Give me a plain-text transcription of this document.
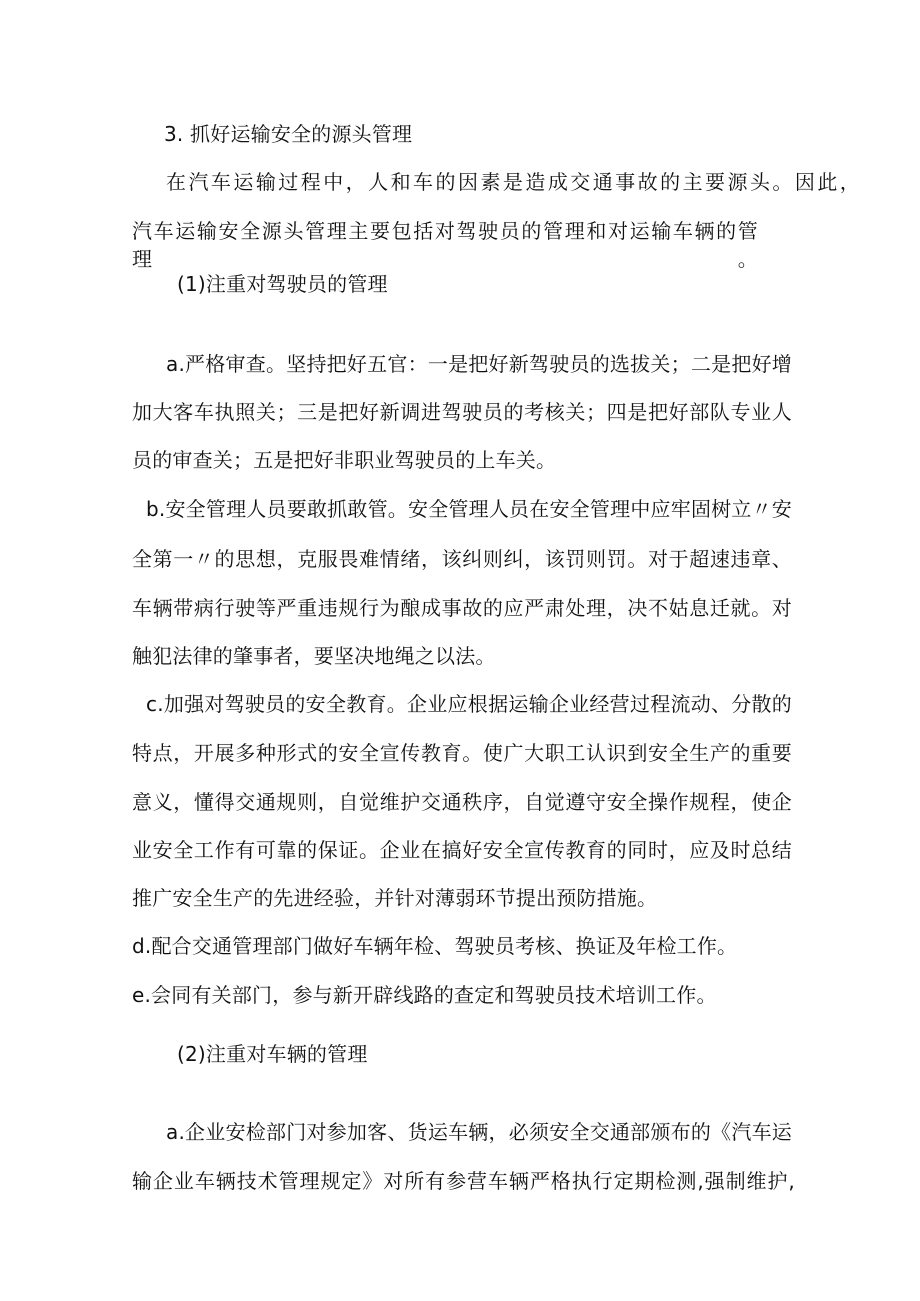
3. 抓好运输安全的源头管理
在汽车运输过程中，人和车的因素是造成交通事故的主要源头。因此，
汽车运输安全源头管理主要包括对驾驶员的管理和对运输车辆的管理。
(1)注重对驾驶员的管理
a.严格审查。坚持把好五官：一是把好新驾驶员的选拔关；二是把好增
加大客车执照关；三是把好新调进驾驶员的考核关；四是把好部队专业人
员的审查关；五是把好非职业驾驶员的上车关。
b.安全管理人员要敢抓敢管。安全管理人员在安全管理中应牢固树立〃安
全第一〃的思想，克服畏难情绪，该纠则纠，该罚则罚。对于超速违章、
车辆带病行驶等严重违规行为酿成事故的应严肃处理，决不姑息迁就。对
触犯法律的肇事者，要坚决地绳之以法。
c.加强对驾驶员的安全教育。企业应根据运输企业经营过程流动、分散的
特点，开展多种形式的安全宣传教育。使广大职工认识到安全生产的重要
意义，懂得交通规则，自觉维护交通秩序，自觉遵守安全操作规程，使企
业安全工作有可靠的保证。企业在搞好安全宣传教育的同时，应及时总结
推广安全生产的先进经验，并针对薄弱环节提出预防措施。
d.配合交通管理部门做好车辆年检、驾驶员考核、换证及年检工作。
e.会同有关部门，参与新开辟线路的查定和驾驶员技术培训工作。
(2)注重对车辆的管理
a.企业安检部门对参加客、货运车辆，必须安全交通部颁布的《汽车运
输企业车辆技术管理规定》对所有参营车辆严格执行定期检测,强制维护,
